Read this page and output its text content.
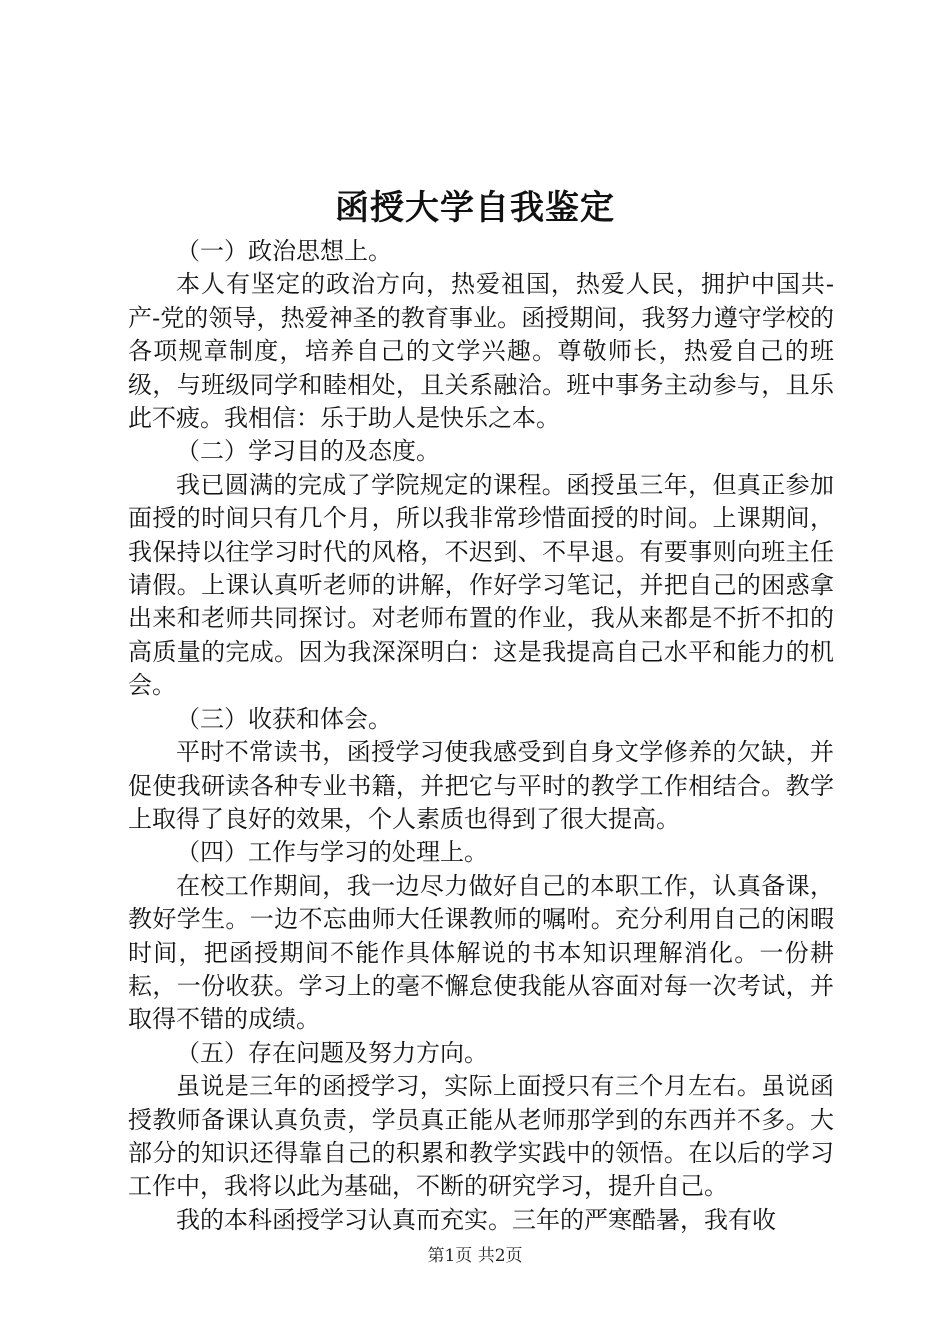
函授大学自我鉴定

（一）政治思想上。

本人有坚定的政治方向，热爱祖国，热爱人民，拥护中国共-产-党的领导，热爱神圣的教育事业。函授期间，我努力遵守学校的各项规章制度，培养自己的文学兴趣。尊敬师长，热爱自己的班级，与班级同学和睦相处，且关系融洽。班中事务主动参与，且乐此不疲。我相信：乐于助人是快乐之本。

（二）学习目的及态度。

我已圆满的完成了学院规定的课程。函授虽三年，但真正参加面授的时间只有几个月，所以我非常珍惜面授的时间。上课期间，我保持以往学习时代的风格，不迟到、不早退。有要事则向班主任请假。上课认真听老师的讲解，作好学习笔记，并把自己的困惑拿出来和老师共同探讨。对老师布置的作业，我从来都是不折不扣的高质量的完成。因为我深深明白：这是我提高自己水平和能力的机会。

（三）收获和体会。

平时不常读书，函授学习使我感受到自身文学修养的欠缺，并促使我研读各种专业书籍，并把它与平时的教学工作相结合。教学上取得了良好的效果，个人素质也得到了很大提高。

（四）工作与学习的处理上。

在校工作期间，我一边尽力做好自己的本职工作，认真备课，教好学生。一边不忘曲师大任课教师的嘱咐。充分利用自己的闲暇时间，把函授期间不能作具体解说的书本知识理解消化。一份耕耘，一份收获。学习上的毫不懈怠使我能从容面对每一次考试，并取得不错的成绩。

（五）存在问题及努力方向。

虽说是三年的函授学习，实际上面授只有三个月左右。虽说函授教师备课认真负责，学员真正能从老师那学到的东西并不多。大部分的知识还得靠自己的积累和教学实践中的领悟。在以后的学习工作中，我将以此为基础，不断的研究学习，提升自己。

我的本科函授学习认真而充实。三年的严寒酷暑，我有收

第1页 共2页
